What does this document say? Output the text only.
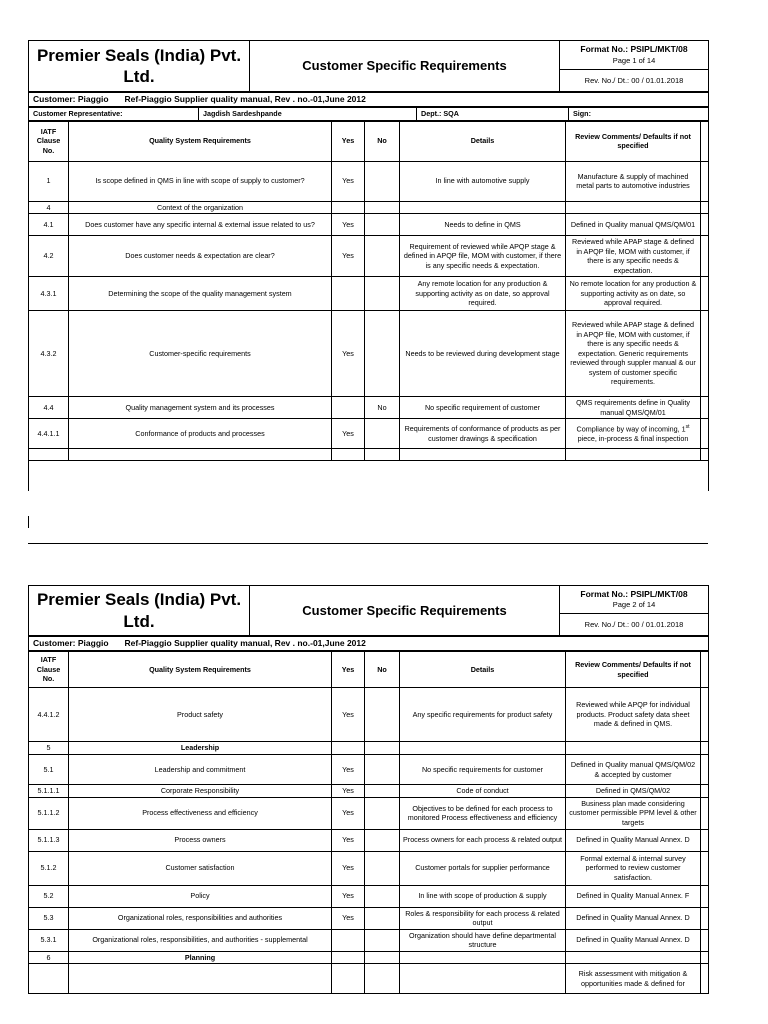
Premier Seals (India) Pvt. Ltd.	Customer Specific Requirements	
Format No.: PSIPL/MKT/08
Page 1 of 14

Rev. No./ Dt.: 00 / 01.01.2018
Customer: Piaggio	Ref-Piaggio Supplier quality manual, Rev . no.-01,June 2012
Customer Representative:	Jagdish Sardeshpande	Dept.: SQA	Sign:
IATF Clause No.	Quality System Requirements	Yes	No	Details	Review Comments/ Defaults if not specified	
1	Is scope defined in QMS in line with scope of supply to customer?	Yes		In line with automotive supply	Manufacture & supply of machined metal parts to automotive industries	
4	Context of the organization					
4.1	Does customer have any specific internal & external issue related to us?	Yes		Needs to define in QMS	Defined in Quality manual QMS/QM/01	
4.2	Does customer needs & expectation are clear?	Yes		Requirement of reviewed while APQP stage & defined in APQP file, MOM with customer, if there is any specific needs & expectation.	Reviewed while APAP stage & defined in APQP file, MOM with customer, if there is any specific needs & expectation.	
4.3.1	Determining the scope of the quality management system			Any remote location for any production & supporting activity as on date, so approval required.	No remote location for any production & supporting activity as on date, so approval required.	
4.3.2	Customer-specific requirements	Yes		Needs to be reviewed during development stage	Reviewed while APAP stage & defined in APQP file, MOM with customer, if there is any specific needs & expectation. Generic requirements reviewed through suppler manual & our system of customer specific requirements.	
4.4	Quality management system and its processes		No	No specific requirement of customer	QMS requirements define in Quality manual QMS/QM/01	
4.4.1.1	Conformance of products and processes	Yes		Requirements of conformance of products as per customer drawings & specification	Compliance by way of incoming, 1st piece, in-process & final inspection	

Premier Seals (India) Pvt. Ltd.	Customer Specific Requirements	
Format No.: PSIPL/MKT/08
Page 2 of 14

Rev. No./ Dt.: 00 / 01.01.2018
Customer: Piaggio	Ref-Piaggio Supplier quality manual, Rev . no.-01,June 2012
IATF Clause No.	Quality System Requirements	Yes	No	Details	Review Comments/ Defaults if not specified	
4.4.1.2	Product safety	Yes		Any specific requirements for product safety	Reviewed while APQP for individual products. Product safety data sheet made & defined in QMS.	
5	Leadership					
5.1	Leadership and commitment	Yes		No specific requirements for customer	Defined in Quality manual QMS/QM/02 & accepted by customer	
5.1.1.1	Corporate Responsibility	Yes		Code of conduct	Defined in QMS/QM/02	
5.1.1.2	Process effectiveness and efficiency	Yes		Objectives to be defined for each process to monitored Process effectiveness and efficiency	Business plan made considering customer permissible PPM level & other targets	
5.1.1.3	Process owners	Yes		Process owners for each process & related output	Defined in Quality Manual Annex. D	
5.1.2	Customer satisfaction	Yes		Customer portals for supplier performance	Formal external & internal survey performed to review customer satisfaction.	
5.2	Policy	Yes		In line with scope of production & supply	Defined in Quality Manual Annex. F	
5.3	Organizational roles, responsibilities and authorities	Yes		Roles & responsibility for each process & related output	Defined in Quality Manual Annex. D	
5.3.1	Organizational roles, responsibilities, and authorities - supplemental			Organization should have define departmental structure	Defined in Quality Manual Annex. D	
6	Planning					
					Risk assessment with mitigation & opportunities made & defined for	
